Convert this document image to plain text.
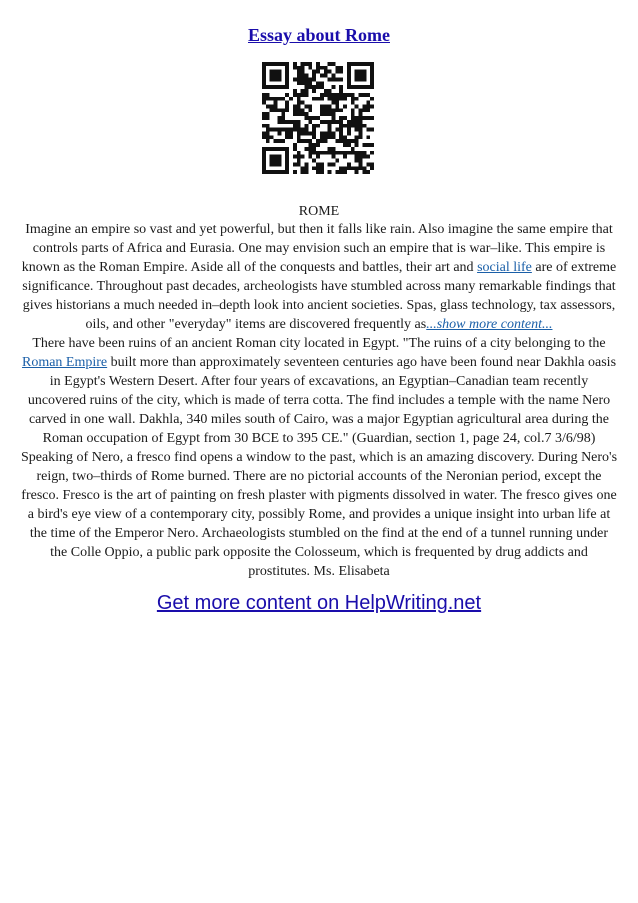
Essay about Rome
ROME

Imagine an empire so vast and yet powerful, but then it falls like rain. Also imagine the same empire that controls parts of Africa and Eurasia. One may envision such an empire that is war–like. This empire is known as the Roman Empire. Aside all of the conquests and battles, their art and social life are of extreme significance. Throughout past decades, archeologists have stumbled across many remarkable findings that gives historians a much needed in–depth look into ancient societies. Spas, glass technology, tax assessors, oils, and other "everyday" items are discovered frequently as...show more content...

There have been ruins of an ancient Roman city located in Egypt. "The ruins of a city belonging to the Roman Empire built more than approximately seventeen centuries ago have been found near Dakhla oasis in Egypt's Western Desert. After four years of excavations, an Egyptian–Canadian team recently uncovered ruins of the city, which is made of terra cotta. The find includes a temple with the name Nero carved in one wall. Dakhla, 340 miles south of Cairo, was a major Egyptian agricultural area during the Roman occupation of Egypt from 30 BCE to 395 CE." (Guardian, section 1, page 24, col.7 3/6/98)

Speaking of Nero, a fresco find opens a window to the past, which is an amazing discovery. During Nero's reign, two–thirds of Rome burned. There are no pictorial accounts of the Neronian period, except the fresco. Fresco is the art of painting on fresh plaster with pigments dissolved in water. The fresco gives one a bird's eye view of a contemporary city, possibly Rome, and provides a unique insight into urban life at the time of the Emperor Nero. Archaeologists stumbled on the find at the end of a tunnel running under the Colle Oppio, a public park opposite the Colosseum, which is frequented by drug addicts and prostitutes. Ms. Elisabeta

Get more content on HelpWriting.net
